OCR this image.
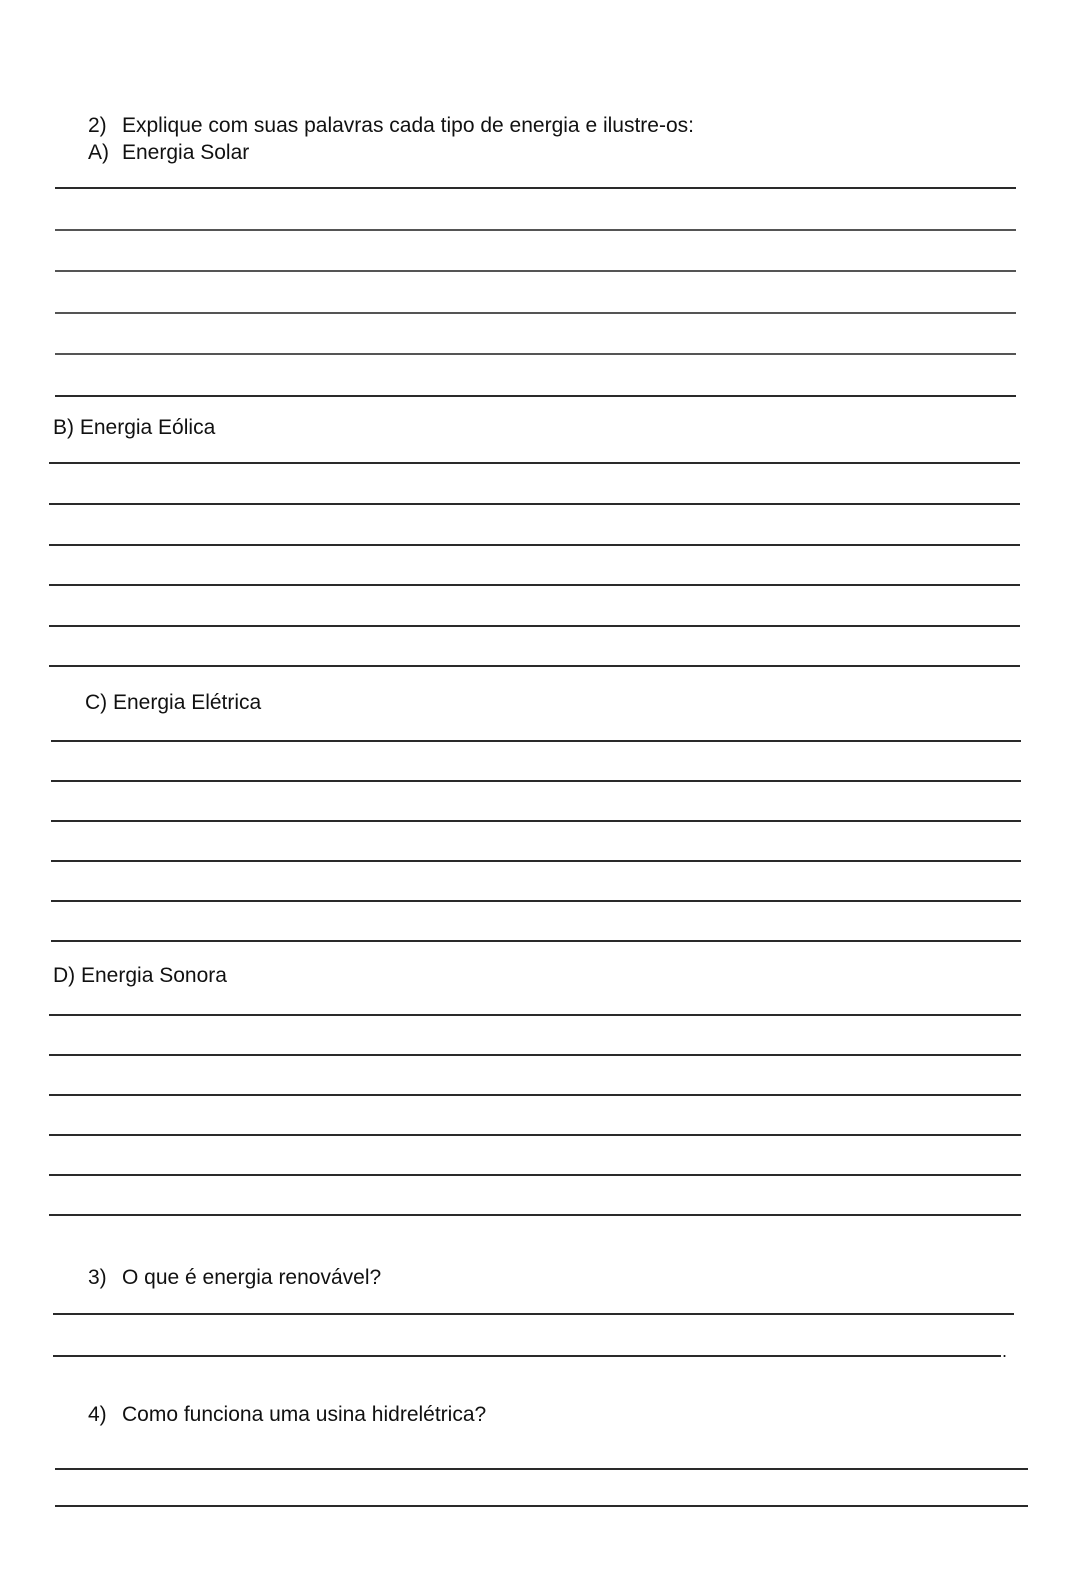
2) Explique com suas palavras cada tipo de energia e ilustre-os:
A) Energia Solar
B) Energia Eólica
C) Energia Elétrica
D) Energia Sonora
3) O que é energia renovável?
.
4) Como funciona uma usina hidrelétrica?
